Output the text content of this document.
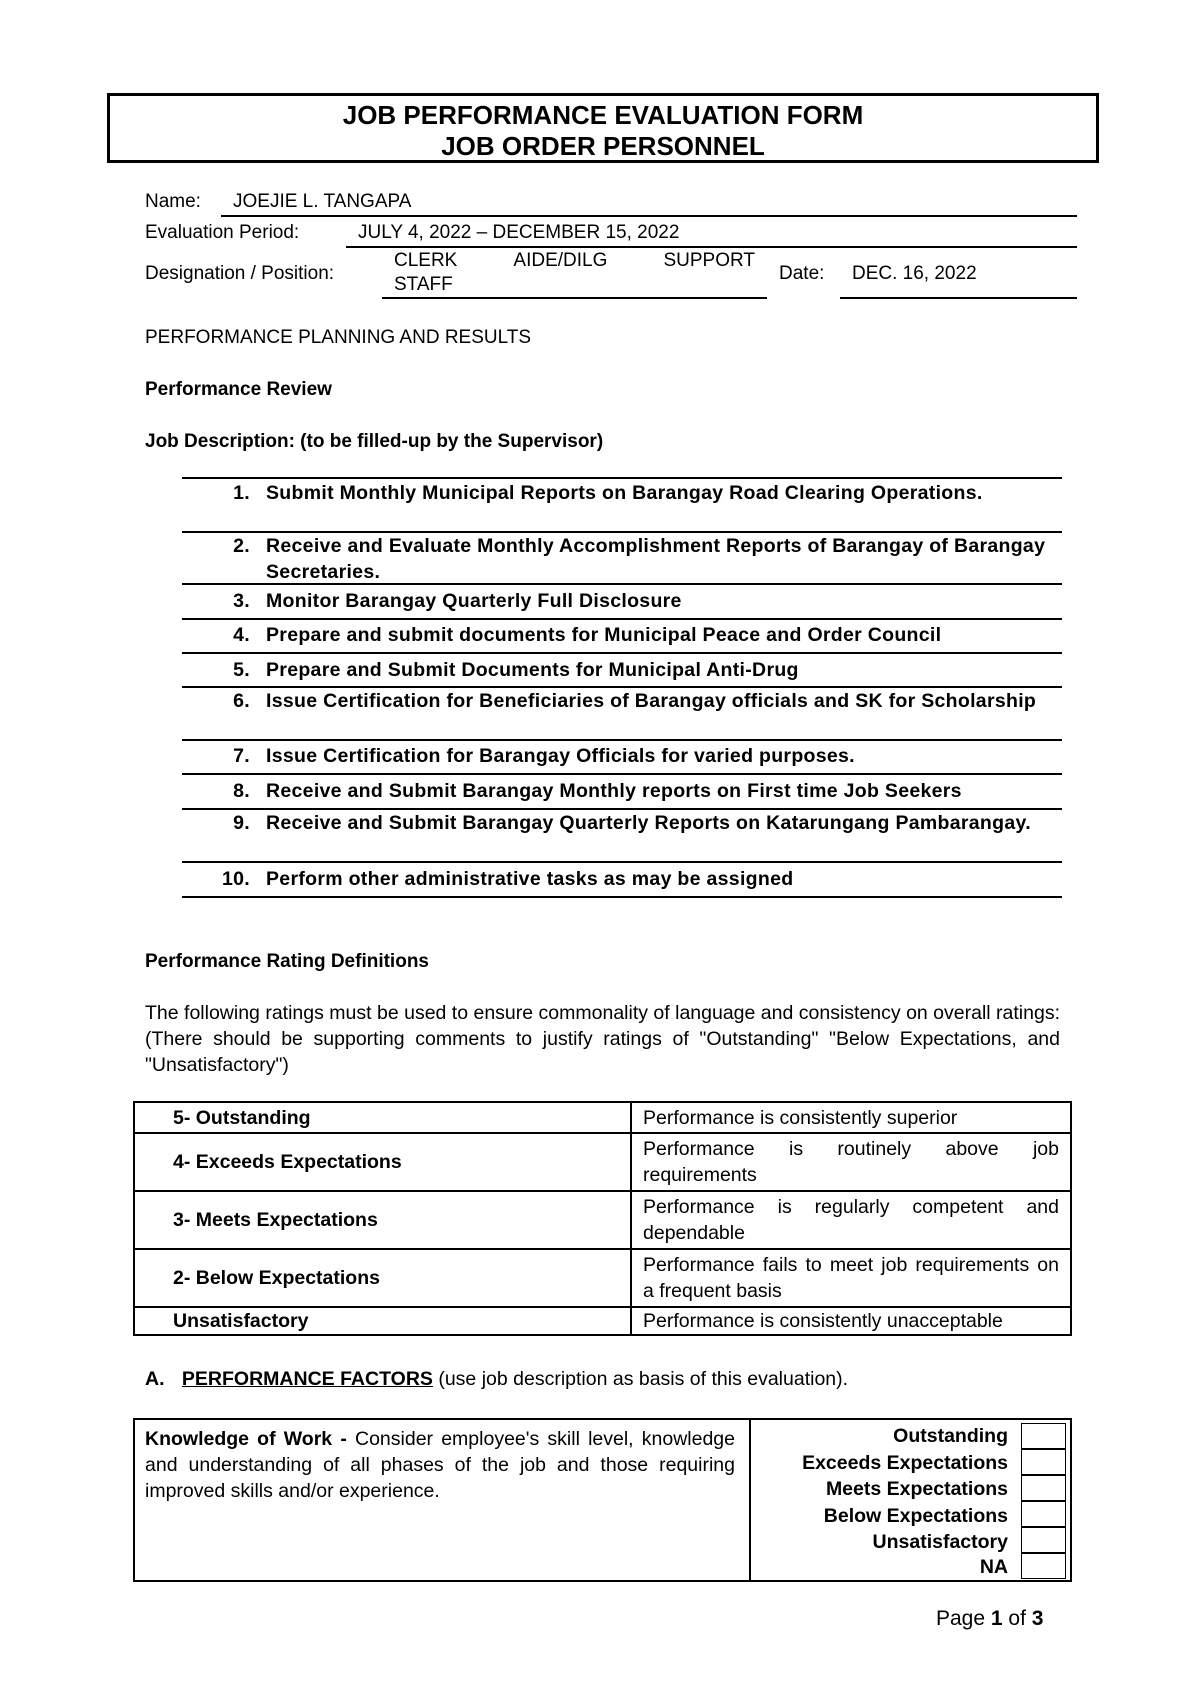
JOB PERFORMANCE EVALUATION FORM
JOB ORDER PERSONNEL
Name:	JOEJIE L. TANGAPA
Evaluation Period:	JULY 4, 2022 – DECEMBER 15, 2022
Designation / Position:
CLERK	AIDE/DILG	SUPPORT
STAFF
Date:	DEC. 16, 2022
PERFORMANCE PLANNING AND RESULTS
Performance Review
Job Description: (to be filled-up by the Supervisor)
1. Submit Monthly Municipal Reports on Barangay Road Clearing Operations.
2. Receive and Evaluate Monthly Accomplishment Reports of Barangay of Barangay Secretaries.
3. Monitor Barangay Quarterly Full Disclosure
4. Prepare and submit documents for Municipal Peace and Order Council
5. Prepare and Submit Documents for Municipal Anti-Drug
6. Issue Certification for Beneficiaries of Barangay officials and SK for Scholarship
7. Issue Certification for Barangay Officials for varied purposes.
8. Receive and Submit Barangay Monthly reports on First time Job Seekers
9. Receive and Submit Barangay Quarterly Reports on Katarungang Pambarangay.
10. Perform other administrative tasks as may be assigned
Performance Rating Definitions
The following ratings must be used to ensure commonality of language and consistency on overall ratings: (There should be supporting comments to justify ratings of "Outstanding" "Below Expectations, and "Unsatisfactory")
5- Outstanding	Performance is consistently superior
4- Exceeds Expectations	Performance is routinely above job requirements
3- Meets Expectations	Performance is regularly competent and dependable
2- Below Expectations	Performance fails to meet job requirements on a frequent basis
Unsatisfactory	Performance is consistently unacceptable
A. PERFORMANCE FACTORS (use job description as basis of this evaluation).
Knowledge of Work - Consider employee's skill level, knowledge and understanding of all phases of the job and those requiring improved skills and/or experience.
Outstanding
Exceeds Expectations
Meets Expectations
Below Expectations
Unsatisfactory
NA
Page 1 of 3
